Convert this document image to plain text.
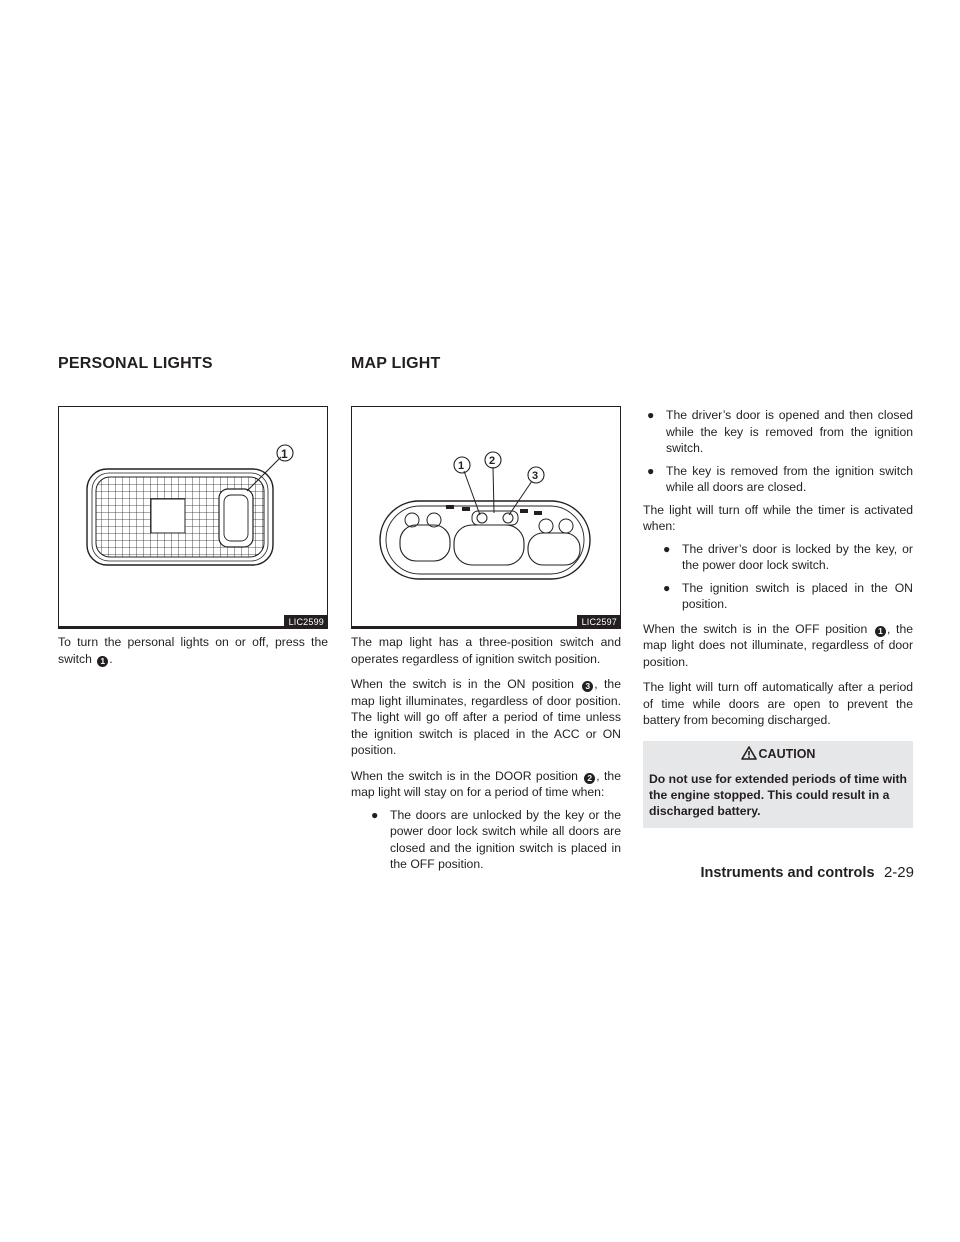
PERSONAL LIGHTS	MAP LIGHT
1
LIC2599
1 2
3
LIC2597

To turn the personal lights on or off, press the switch 1 .

The map light has a three-position switch and operates regardless of ignition switch position.

When the switch is in the ON position 3 , the map light illuminates, regardless of door position. The light will go off after a period of time unless the ignition switch is placed in the ACC or ON position.

When the switch is in the DOOR position 2 , the map light will stay on for a period of time when:

● The doors are unlocked by the key or the power door lock switch while all doors are closed and the ignition switch is placed in the OFF position.
● The driver’s door is opened and then closed while the key is removed from the ignition switch.
● The key is removed from the ignition switch while all doors are closed.

The light will turn off while the timer is activated when:

● The driver’s door is locked by the key, or the power door lock switch.
● The ignition switch is placed in the ON position.

When the switch is in the OFF position 1 , the map light does not illuminate, regardless of door position.

The light will turn off automatically after a period of time while doors are open to prevent the battery from becoming discharged.

CAUTION
Do not use for extended periods of time with the engine stopped. This could result in a discharged battery.
Instruments and controls 2-29
